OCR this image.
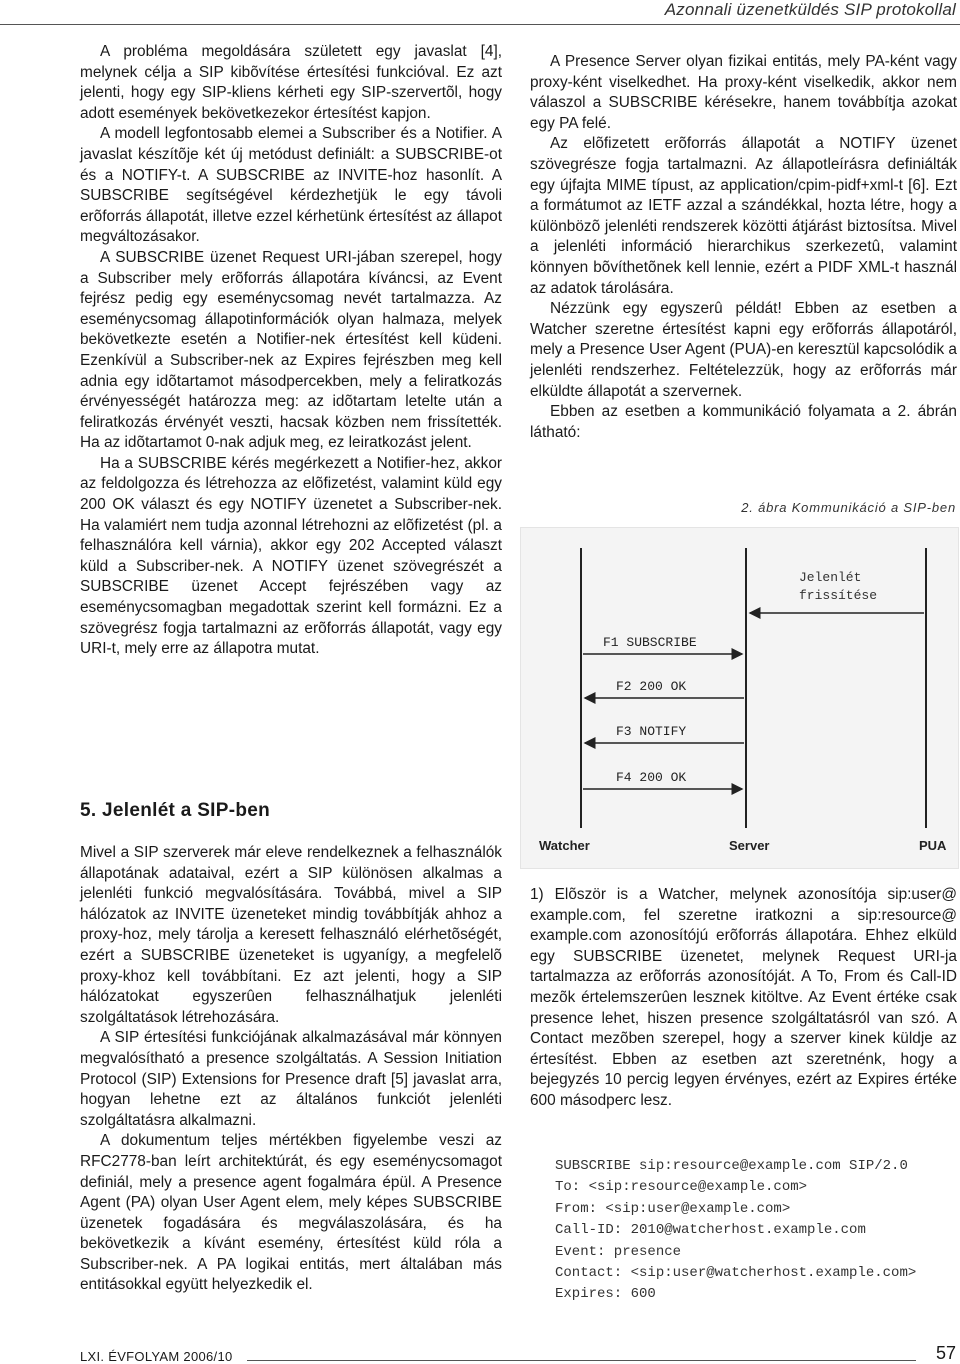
Azonnali üzenetküldés SIP protokollal

A probléma megoldására született egy javaslat [4], melynek célja a SIP kibõvítése értesítési funkcióval. Ez azt jelenti, hogy egy SIP-kliens kérheti egy SIP-szervertõl, hogy adott események bekövetkezekor értesítést kapjon.

A modell legfontosabb elemei a Subscriber és a Notifier. A javaslat készítõje két új metódust definiált: a SUBSCRIBE-ot és a NOTIFY-t. A SUBSCRIBE az INVITE-hoz hasonlít. A SUBSCRIBE segítségével kérdezhetjük le egy távoli erõforrás állapotát, illetve ezzel kérhetünk értesítést az állapot megváltozásakor.

A SUBSCRIBE üzenet Request URI-jában szerepel, hogy a Subscriber mely erõforrás állapotára kíváncsi, az Event fejrész pedig egy eseménycsomag nevét tartalmazza. Az eseménycsomag állapotinformációk olyan halmaza, melyek bekövetkezte esetén a Notifier-nek értesítést kell küdeni. Ezenkívül a Subscriber-nek az Expires fejrészben meg kell adnia egy idõtartamot másodpercekben, mely a feliratkozás érvényességét határozza meg: az idõtartam letelte után a feliratkozás érvényét veszti, hacsak közben nem frissítették. Ha az idõtartamot 0-nak adjuk meg, ez leiratkozást jelent.

Ha a SUBSCRIBE kérés megérkezett a Notifier-hez, akkor az feldolgozza és létrehozza az elõfizetést, valamint küld egy 200 OK választ és egy NOTIFY üzenetet a Subscriber-nek. Ha valamiért nem tudja azonnal létrehozni az elõfizetést (pl. a felhasználóra kell várnia), akkor egy 202 Accepted választ küld a Subscriber-nek. A NOTIFY üzenet szövegrészét a SUBSCRIBE üzenet Accept fejrészében vagy az eseménycsomagban megadottak szerint kell formázni. Ez a szövegrész fogja tartalmazni az erõforrás állapotát, vagy egy URI-t, mely erre az állapotra mutat.

5. Jelenlét a SIP-ben

Mivel a SIP szerverek már eleve rendelkeznek a felhasználók állapotának adataival, ezért a SIP különösen alkalmas a jelenléti funkció megvalósítására. Továbbá, mivel a SIP hálózatok az INVITE üzeneteket mindig továbbítják ahhoz a proxy-hoz, mely tárolja a keresett felhasználó elérhetõségét, ezért a SUBSCRIBE üzeneteket is ugyanígy, a megfelelõ proxy-khoz kell továbbítani. Ez azt jelenti, hogy a SIP hálózatokat egyszerûen felhasználhatjuk jelenléti szolgáltatások létrehozására.

A SIP értesítési funkciójának alkalmazásával már könnyen megvalósítható a presence szolgáltatás. A Session Initiation Protocol (SIP) Extensions for Presence draft [5] javaslat arra, hogyan lehetne ezt az általános funkciót jelenléti szolgáltatásra alkalmazni.

A dokumentum teljes mértékben figyelembe veszi az RFC2778-ban leírt architektúrát, és egy eseménycsomagot definiál, mely a presence agent fogalmára épül. A Presence Agent (PA) olyan User Agent elem, mely képes SUBSCRIBE üzenetek fogadására és megválaszolására, és ha bekövetkezik a kívánt esemény, értesítést küld róla a Subscriber-nek. A PA logikai entitás, mert általában más entitásokkal együtt helyezkedik el.

A Presence Server olyan fizikai entitás, mely PA-ként vagy proxy-ként viselkedhet. Ha proxy-ként viselkedik, akkor nem válaszol a SUBSCRIBE kérésekre, hanem továbbítja azokat egy PA felé.

Az elõfizetett erõforrás állapotát a NOTIFY üzenet szövegrésze fogja tartalmazni. Az állapotleírásra definiálták egy újfajta MIME típust, az application/cpim-pidf+xml-t [6]. Ezt a formátumot az IETF azzal a szándékkal, hozta létre, hogy a különbözõ jelenléti rendszerek közötti átjárást biztosítsa. Mivel a jelenléti információ hierarchikus szerkezetû, valamint könnyen bõvíthetõnek kell lennie, ezért a PIDF XML-t használ az adatok tárolására.

Nézzünk egy egyszerû példát! Ebben az esetben a Watcher szeretne értesítést kapni egy erõforrás állapotáról, mely a Presence User Agent (PUA)-en keresztül kapcsolódik a jelenléti rendszerhez. Feltételezzük, hogy az erõforrás már elküldte állapotát a szervernek.

Ebben az esetben a kommunikáció folyamata a 2. ábrán látható:

2. ábra Kommunikáció a SIP-ben
Jelenlét
frissítése
F1 SUBSCRIBE
F2 200 OK
F3 NOTIFY
F4 200 OK
Watcher	Server	PUA

1) Elõször is a Watcher, melynek azonosítója sip:user@ example.com, fel szeretne iratkozni a sip:resource@ example.com azonosítójú erõforrás állapotára. Ehhez elküld egy SUBSCRIBE üzenetet, melynek Request URI-ja tartalmazza az erõforrás azonosítóját. A To, From és Call-ID mezõk értelemszerûen lesznek kitöltve. Az Event értéke csak presence lehet, hiszen presence szolgáltatásról van szó. A Contact mezõben szerepel, hogy a szerver kinek küldje az értesítést. Ebben az esetben azt szeretnénk, hogy a bejegyzés 10 percig legyen érvényes, ezért az Expires értéke 600 másodperc lesz.

SUBSCRIBE sip:resource@example.com SIP/2.0
To: <sip:resource@example.com>
From: <sip:user@example.com>
Call-ID: 2010@watcherhost.example.com
Event: presence
Contact: <sip:user@watcherhost.example.com>
Expires: 600
LXI. ÉVFOLYAM 2006/10	57
